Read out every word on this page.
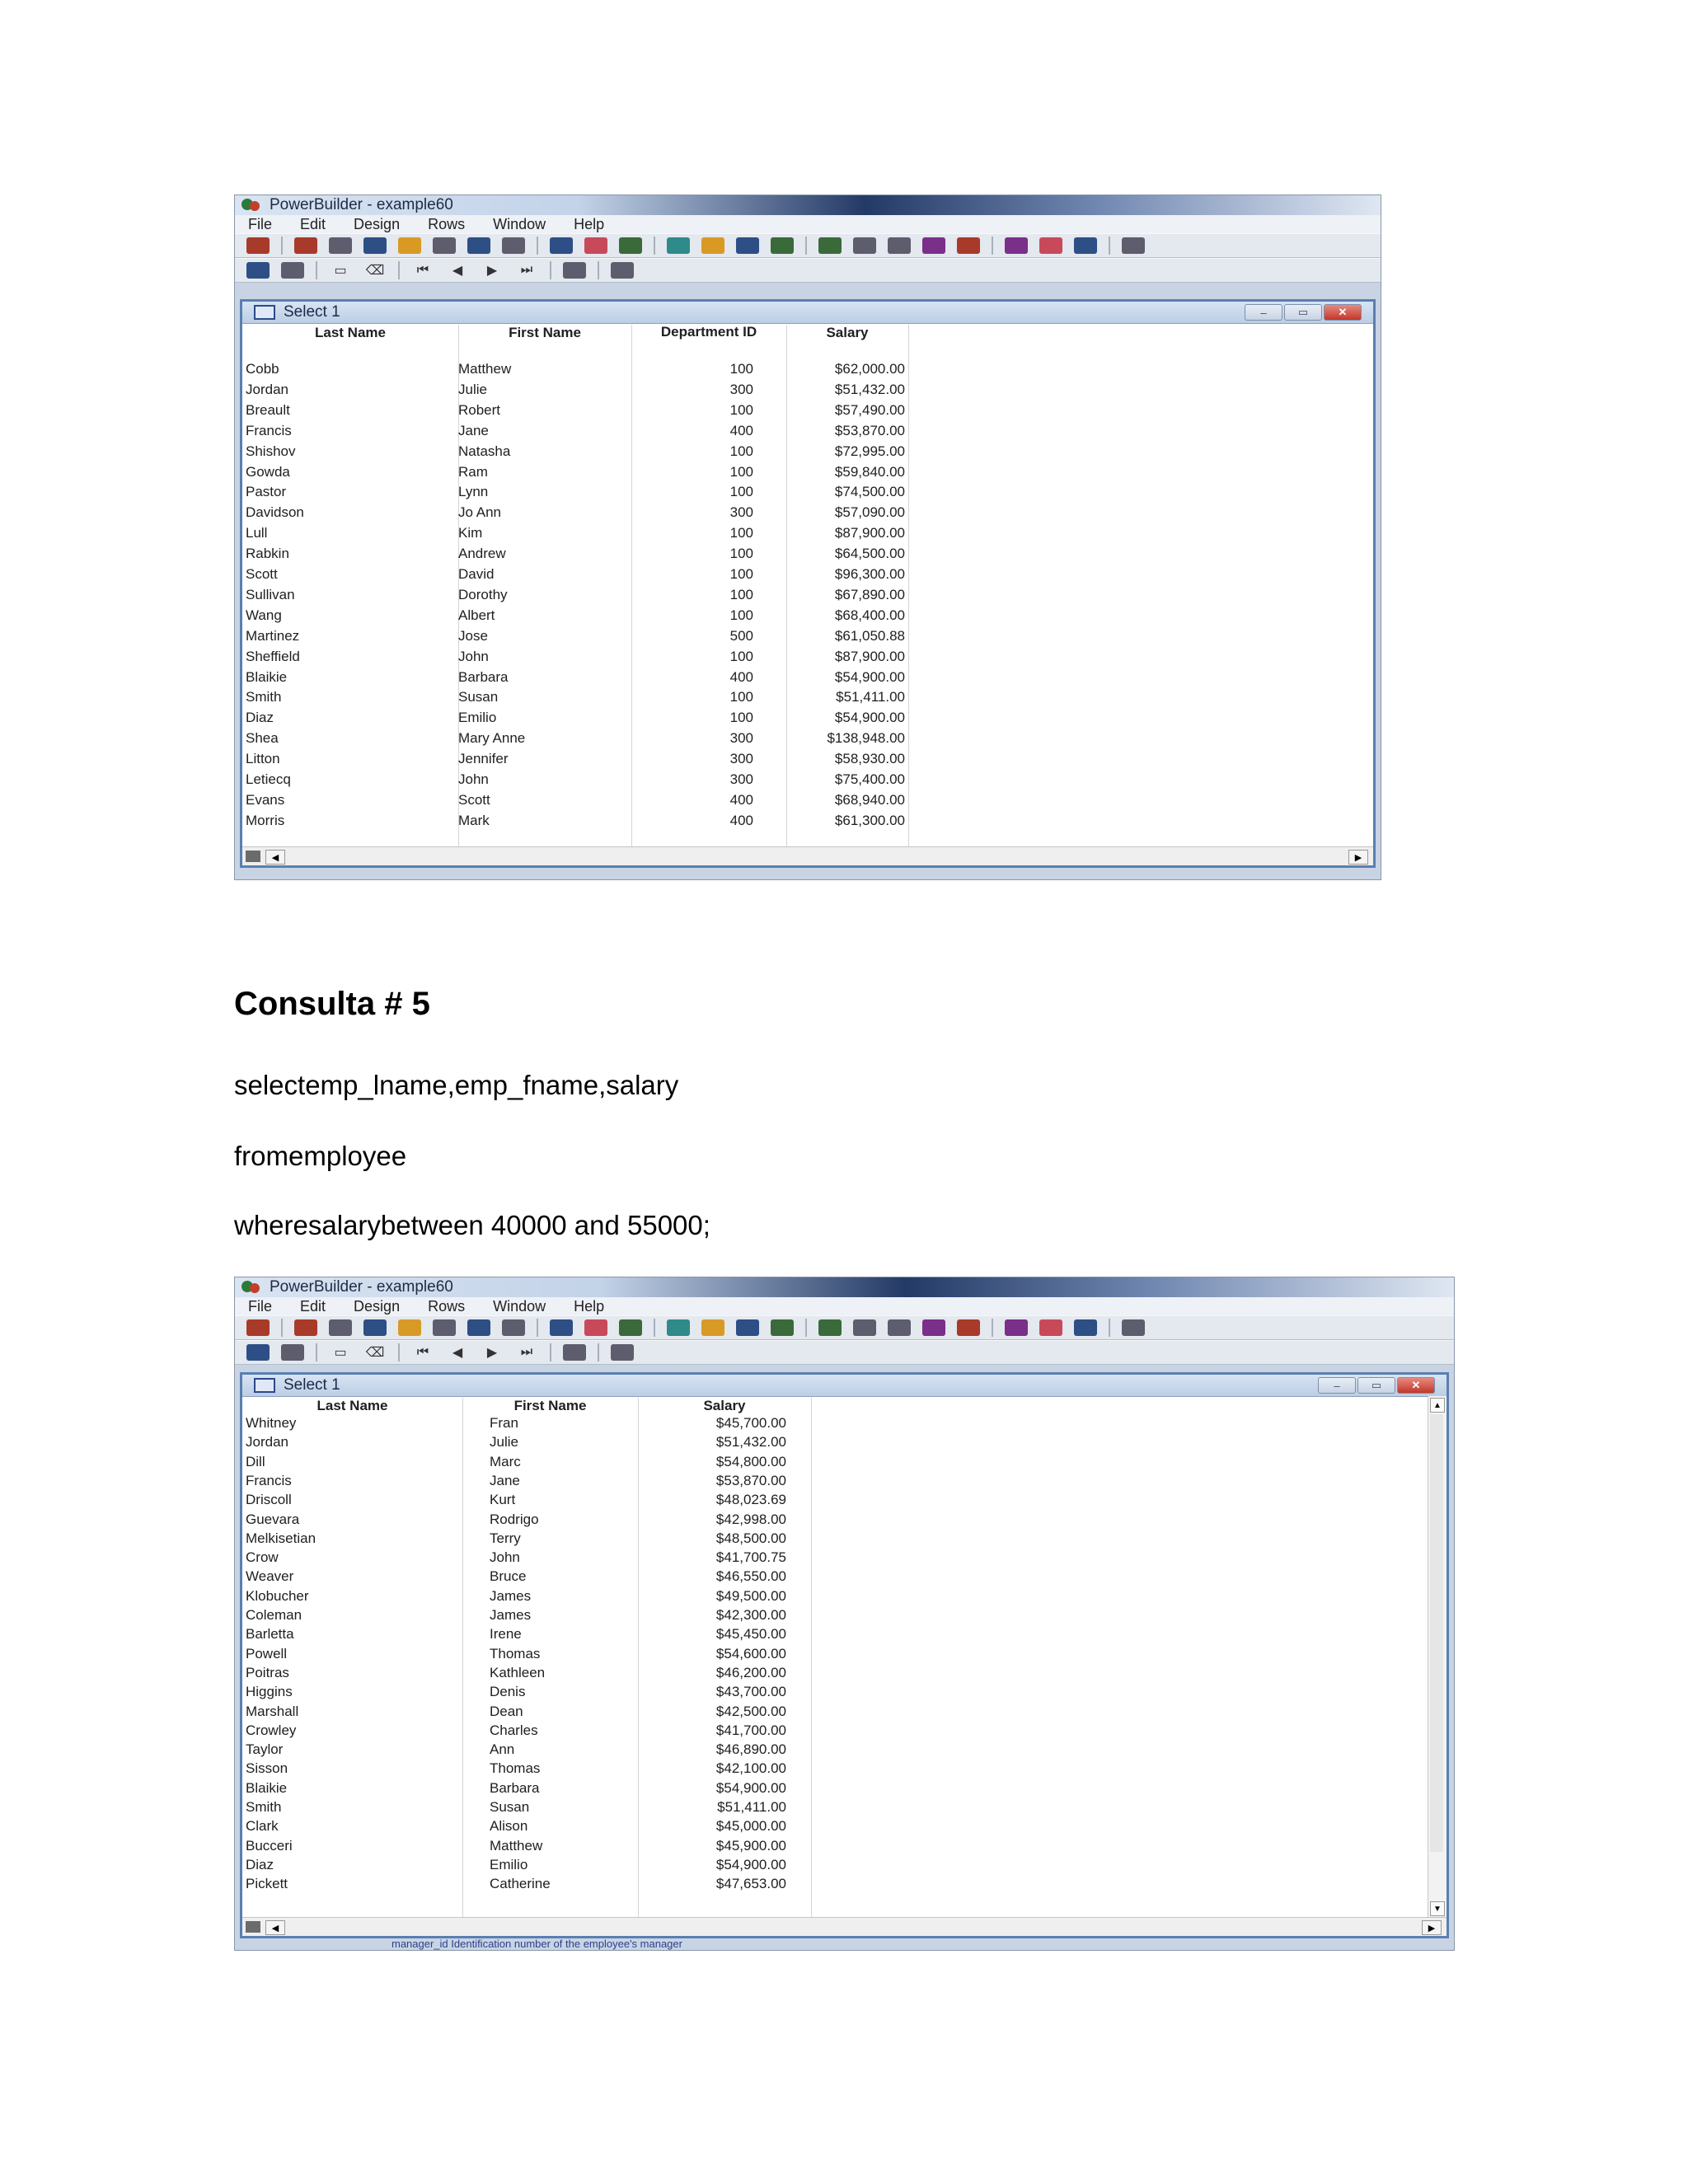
PowerBuilder - example60
File Edit Design Rows Window Help
▭	⌫	⏮	◀	▶	⏭
Select 1	–	▭	✕
Last Name	First Name	Department ID	Salary
Cobb	Matthew	100	$62,000.00
Jordan	Julie	300	$51,432.00
Breault	Robert	100	$57,490.00
Francis	Jane	400	$53,870.00
Shishov	Natasha	100	$72,995.00
Gowda	Ram	100	$59,840.00
Pastor	Lynn	100	$74,500.00
Davidson	Jo Ann	300	$57,090.00
Lull	Kim	100	$87,900.00
Rabkin	Andrew	100	$64,500.00
Scott	David	100	$96,300.00
Sullivan	Dorothy	100	$67,890.00
Wang	Albert	100	$68,400.00
Martinez	Jose	500	$61,050.88
Sheffield	John	100	$87,900.00
Blaikie	Barbara	400	$54,900.00
Smith	Susan	100	$51,411.00
Diaz	Emilio	100	$54,900.00
Shea	Mary Anne	300	$138,948.00
Litton	Jennifer	300	$58,930.00
Letiecq	John	300	$75,400.00
Evans	Scott	400	$68,940.00
Morris	Mark	400	$61,300.00
◀	▶
Consulta # 5
selectemp_lname,emp_fname,salary
fromemployee
wheresalarybetween 40000 and 55000;
PowerBuilder - example60
File Edit Design Rows Window Help
▭	⌫	⏮	◀	▶	⏭
Select 1	–	▭	✕
Last Name	First Name	Salary
Whitney	Fran	$45,700.00
Jordan	Julie	$51,432.00
Dill	Marc	$54,800.00
Francis	Jane	$53,870.00
Driscoll	Kurt	$48,023.69
Guevara	Rodrigo	$42,998.00
Melkisetian	Terry	$48,500.00
Crow	John	$41,700.75
Weaver	Bruce	$46,550.00
Klobucher	James	$49,500.00
Coleman	James	$42,300.00
Barletta	Irene	$45,450.00
Powell	Thomas	$54,600.00
Poitras	Kathleen	$46,200.00
Higgins	Denis	$43,700.00
Marshall	Dean	$42,500.00
Crowley	Charles	$41,700.00
Taylor	Ann	$46,890.00
Sisson	Thomas	$42,100.00
Blaikie	Barbara	$54,900.00
Smith	Susan	$51,411.00
Clark	Alison	$45,000.00
Bucceri	Matthew	$45,900.00
Diaz	Emilio	$54,900.00
Pickett	Catherine	$47,653.00
▲
▼
◀	▶
manager_id Identification number of the employee's manager
